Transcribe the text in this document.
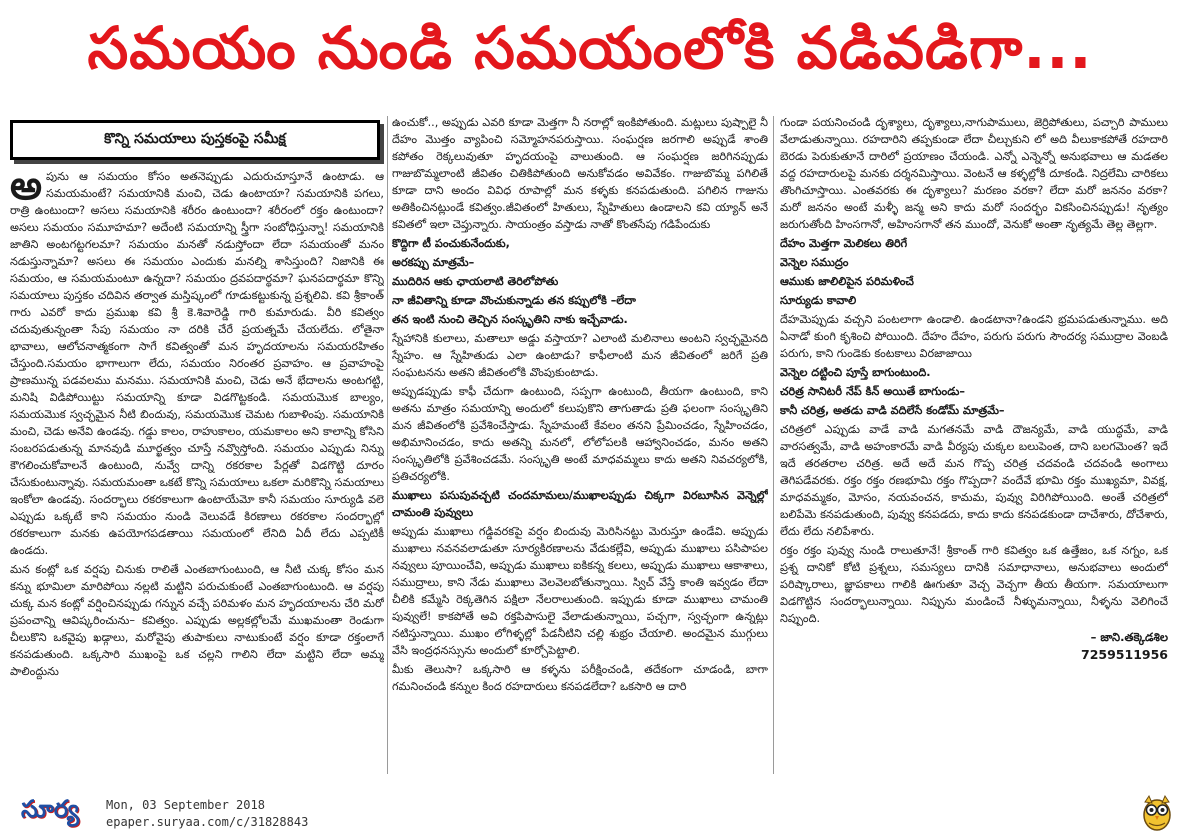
సమయం నుండి సమయంలోకి వడివడిగా...
కొన్ని సమయాలు పుస్తకంపై సమీక్ష

అపును ఆ సమయం కోసం అతనెప్పుడు ఎదురుచూస్తూనే ఉంటాడు. ఆ సమయమంటే? సమయానికి మంచి, చెడు ఉంటాయా? సమయానికి పగలు, రాత్రి ఉంటుందా? అసలు సమయానికి శరీరం ఉంటుందా? శరీరంలో రక్తం ఉంటుందా? అసలు సమయం సమూహమా? అదేంటి సమయాన్ని స్త్రీగా సంబోధిస్తున్నా! సమయానికి జాతిని అంటగట్టగలమా? సమయం మనతో నడుస్తోందా లేదా సమయంతో మనం నడుస్తున్నామా? అసలు ఈ సమయం ఎందుకు మనల్ని శాసిస్తుంది? నిజానికి ఈ సమయం, ఆ సమయమంటూ ఉన్నదా? సమయం ద్రవపదార్థమా? ఘనపదార్థమా కొన్ని సమయాలు పుస్తకం చదివిన తర్వాత మస్తిష్కంలో గూడుకట్టుకున్న ప్రశ్నలివి. కవి శ్రీకాంత్ గారు ఎవరో కాదు ప్రముఖ కవి శ్రీ కె.శివారెడ్డి గారి కుమారుడు. వీరి కవిత్వం చదువుతున్నంతా సేపు సమయం నా దరికి చేరే ప్రయత్నమే చేయలేదు. లోతైనా భావాలు, ఆలోచనాత్మకంగా సాగే కవిత్వంతో మన హృదయాలను సమయరహితం చేస్తుంది.సమయం భాగాలుగా లేదు, సమయం నిరంతర ప్రవాహం. ఆ ప్రవాహంపై ప్రాణమున్న పడవలము మనము. సమయానికి మంచి, చెడు అనే భేదాలను అంటగట్టి, మనిషి విడిపోయిట్టు సమయాన్ని కూడా విడగొట్టకండి. సమయమొక బాల్యం, సమయమొక స్వచ్ఛమైన నీటి బిందువు, సమయమొక చెమట గుబాళింపు. సమయానికి మంచి, చెడు అనేవి ఉండవు. గడ్డు కాలం, రాహుకాలం, యమకాలం అని కాలాన్ని కోసిని సంబరపడుతున్న మానవుడి మూర్ఖత్వం చూస్తే నవ్వొస్తోంది. సమయం ఎప్పుడు నిన్ను కౌగలించుకోవాలనే ఉంటుంది, నువ్వే దాన్ని రకరకాల పేర్లతో విడగొట్టి దూరం చేసుకుంటున్నావు. సమయమంతా ఒకటే కొన్ని సమయాలు ఒకలా మరికొన్ని సమయాలు ఇంకోలా ఉండవు. సందర్భాలు రకరకాలుగా ఉంటాయేమో కానీ సమయం సూర్యుడి వలె ఎప్పుడు ఒక్కటే కాని సమయం నుండి వెలువడే కిరణాలు రకరకాల సందర్భాల్లో రకరకాలుగా మనకు ఉపయోగపడతాయి సమయంలో లేనిది ఏదీ లేదు ఎప్పటికీ ఉండదు.

మన కంట్లో ఒక వర్షపు చినుకు రాలితే ఎంతబాగుంటుంది, ఆ నీటి చుక్క కోసం మన కన్ను భూమిలా మారిపోయి నల్లటి మట్టిని పరుచుకుంటే ఎంతబాగుంటుంది. ఆ వర్షపు చుక్క మన కంట్లో వర్షించినప్పుడు గన్నున వచ్చే పరిమళం మన హృదయాలను చేరి మరో ప్రపంచాన్ని ఆవిష్కరించును– కవిత్వం. ఎప్పుడు అల్లకల్లోలమే ముఖమంతా రెండుగా చీలుకొని ఒకవైపు ఖడ్గాలు, మరోవైపు తుపాకులు నాటుకుంటే వర్షం కూడా రక్తంలాగే కనపడుతుంది. ఒక్కసారి ముఖంపై ఒక చల్లని గాలిని లేదా మట్టిని లేదా అమ్మ పాలింద్దును

ఉంచుకో.., అప్పుడు ఎవరి కూడా మెత్తగా నీ నరాల్లో ఇంకిపోతుంది. మట్లులు పుష్పాలై నీ దేహం మొత్తం వ్యాపించి సమ్మోహనపరుస్తాయి. సంఘర్షణ జరగాలి అప్పుడే శాంతి కపోతం రెక్కలువుతూ హృదయంపై వాలుతుంది. ఆ సంఘర్షణ జరిగినప్పుడు గాజుబొమ్మలాంటి జీవితం చితికిపోతుంది అనుకోవడం అవివేకం. గాజుబొమ్మ పగిలితే కూడా దాని అందం వివిధ రూపాల్లో మన కళ్ళకు కనపడుతుంది. పగిలిన గాజును అతికించినట్లుండే కవిత్వం.జీవితంలో హితులు, స్నేహితులు ఉండాలని కవి య్యాన్ అనే కవితలో ఇలా చెప్తున్నారు. సాయంత్రం వస్తాడు నాతో కొంతసేపు గడిపేందుకు

కొద్దిగా టీ పంచుకునేందుకు,

అరకప్పు మాత్రమే–

ముదిరిన ఆకు ఛాయలాటి తెరిలోపోతు

నా జీవితాన్ని కూడా వొంచుకున్నాడు తన కప్పులోకి –లేదా

తన ఇంటి నుంచి తెచ్చిన సంస్కృతిని నాకు ఇచ్చేవాడు.

స్నేహానికి కులాలు, మతాలూ అడ్డు వస్తాయా? ఎలాంటి మలినాలు అంటని స్వచ్ఛమైనది స్నేహం. ఆ స్నేహితుడు ఎలా ఉంటాడు? కాఫీలాంటి మన జీవితంలో జరిగే ప్రతి సంఘటనను అతని జీవితంలోకి వొంపుకుంటాడు.

అప్పుడప్పుడు కాఫీ చేదుగా ఉంటుంది, సప్పగా ఉంటుంది, తీయగా ఉంటుంది, కాని అతను మాత్రం సమయాన్ని అందులో కలుపుకొని తాగుతాడు ప్రతి ఫలంగా సంస్కృతిని మన జీవితంలోకి ప్రవేశించేస్తాడు. స్నేహమంటే కేవలం తనని ప్రేమించడం, స్నేహించడం, అభిమానించడం, కాదు అతన్ని మనలో, లోలోపలకి ఆహ్వానించడం, మనం అతని సంస్కృతిలోకి ప్రవేశించడమే. సంస్కృతి అంటే మాధవమ్మలు కాదు అతని నివచర్యలోకి, ప్రతిచర్యలోకి.

ముఖాలు పసుపువచ్చటి చందమామలు/ముఖాలప్పుడు చిక్కగా విరబూసిన వెన్నెల్లో చామంతి పువ్వులు

అప్పుడు ముఖాలు గడ్డివరకపై వర్షం బిందువు మెరిసినట్టు మెరుస్తూ ఉండేవి. అప్పుడు ముఖాలు నవనవలాడుతూ సూర్యకిరణాలను వేడుకల్లేవి, అప్పుడు ముఖాలు పసిపాపల నవ్వులు పూయించేవి, అప్పుడు ముఖాలు ఐకికన్న కలలు, అప్పుడు ముఖాలు ఆకాశాలు, సముద్రాలు, కాని నేడు ముఖాలు వెలవెలబోతున్నాయి. స్విచ్ వేస్తే కాంతి ఇవ్వడం లేదా చీలికి కమ్మేసి రెక్కతెగిన పక్షిలా నేలరాలుతుంది. ఇప్పుడు కూడా ముఖాలు చామంతి పువ్వులే! కాకపోతే అవి రక్తపిపాసులై వేలాడుతున్నాయి, పచ్చగా, స్వచ్ఛంగా ఉన్నట్లు నటిస్తున్నాయి. ముఖం లోగిళ్ళల్లో పేడనీటిని చల్లి శుభ్రం చేయాలి. అందమైన ముగ్గులు వేసి ఇంద్రధనస్సును అందులో కూర్చోపెట్టాలి.

మీకు తెలుసా? ఒక్కసారి ఆ కళ్ళను పరీక్షించండి, తదేకంగా చూడండి, బాగా గమనించండి కన్నుల కింద రహదారులు కనపడలేదా? ఒకసారి ఆ దారి

గుండా పయనించండి దృశ్యాలు, దృశ్యాలు,నాగుపాములు, జెర్రిపోతులు, పచ్చారి పాములు వేలాడుతున్నాయి. రహదారిని తప్పకుండా లేదా చీల్చుకుని లో అది వీలుకాకపోతే రహదారి బెరడు పెరుకుతూనే దారిలో ప్రయాణం చేయండి. ఎన్నో ఎన్నెన్నో అనుభవాలు ఆ మడతల వద్ద రహదారులపై మనకు దర్శనమిస్తాయి. వెంటనే ఆ కళ్ళల్లోకి దూకండి. నిద్రలేమి చారికలు తొంగిచూస్తాయి. ఎంతవరకు ఈ దృశ్యాలు? మరణం వరకా? లేదా మరో జననం వరకా? మరో జననం అంటే మళ్ళీ జన్మ అని కాదు మరో సందర్భం వికసించినప్పుడు! నృత్యం జరుగుతోంది హింసగానో, అహింసగానో తన ముందో, వెనుకో అంతా నృత్యమే తెల్ల తెల్లగా.

దేహం మెత్తగా మెలికలు తిరిగే

వెన్నెల సముద్రం

ఆముకు జాలిలిపైన పరిమళించే

సూర్యుడు కావాలి

దేహమెప్పుడు వచ్చని పంటలాగా ఉండాలి. ఉండటానా?ఉండని భ్రమపడుతున్నాము. అది ఏనాడో కుంగి కృశించి పోయింది. దేహం దేహం, పరుగు పరుగు సౌందర్య సముద్రాల వెంబడి పరుగు, కాని గుండెకు కంటకాలు విరజాజాయి

వెన్నెల దట్టించి పూస్తే బాగుంటుంది.

చరిత్ర సానిటరీ నేప్ కిన్ అయితే బాగుండు–

కానీ చరిత్ర, అతడు వాడి వదిలేసే కండోమ్ మాత్రమే–

చరిత్రలో ఎప్పుడు వాడే వాడి మగతనమే వాడి దౌజన్యమే, వాడి యుద్ధమే, వాడి వారసత్వమే, వాడి అహంకారమే వాడి వీర్యపు చుక్కల బలుపెంత, దాని బలగమెంత? ఇదే ఇదే తరతరాల చరిత్ర. అదే అదే మన గొప్ప చరిత్ర చదవండి చదవండి అంగాలు తెగిపడేవరకు. రక్తం రక్తం రణభూమి రక్తం గొప్పదా? వందేవే భూమి రక్తం ముఖ్యమా, వివక్ష, మాధవమ్మకం, మోసం, నయవంచన, కామమ, పువ్వు విరిగిపోయింది. అంతే చరిత్రలో బలిపేమె కనపడుతుంది, పువ్వు కనపడదు, కాదు కాదు కనపడకుండా దాచేశారు, దోచేశారు, లేదు లేదు నలిపేశారు.

రక్తం రక్తం పువ్వు నుండి రాలుతూనే! శ్రీకాంత్ గారి కవిత్వం ఒక ఉత్తేజం, ఒక నగ్నం, ఒక ప్రశ్న దానికో కోటి ప్రశ్నలు, సమస్యలు దానికి సమాధానాలు, అనుభవాలు అందులో పరిష్కారాలు, జ్ఞాపకాలు గాలికి ఊగుతూ వెచ్చ వెచ్చగా తీయ తీయగా. సమయాలుగా విడగొట్టిన సందర్భాలున్నాయి. నిప్పును మండించే నీళ్ళుమన్నాయి, నీళ్ళను వెలిగించే నిప్పుంది.

– జాని.తక్కెడశిల
7259511956
సూర్య	Mon, 03 September 2018
epaper.suryaa.com/c/31828843
